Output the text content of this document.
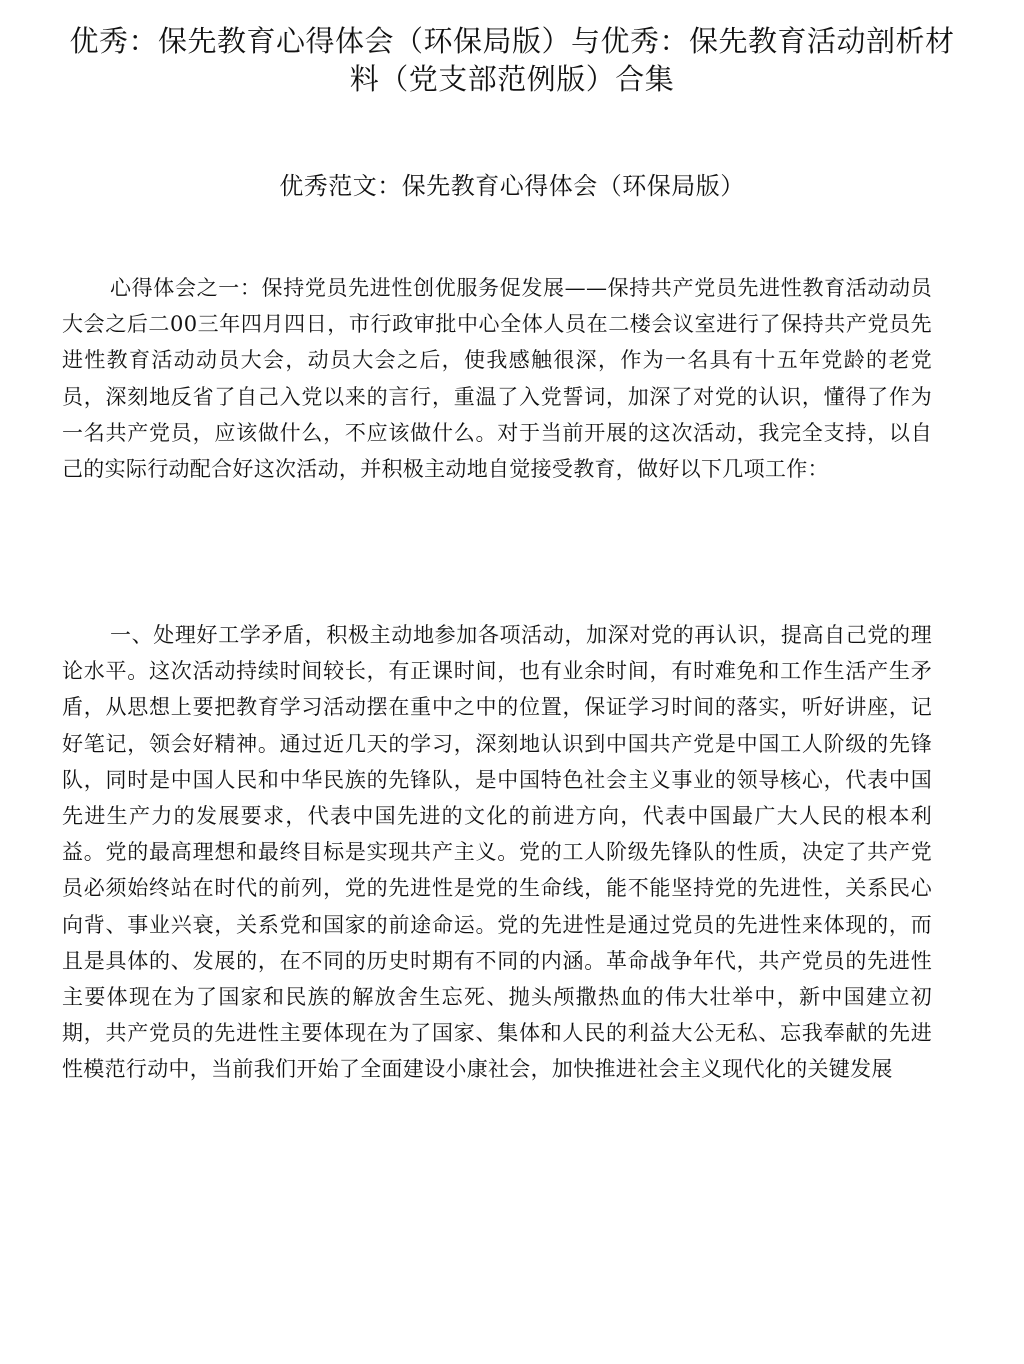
优秀：保先教育心得体会（环保局版）与优秀：保先教育活动剖析材料（党支部范例版）合集
优秀范文：保先教育心得体会（环保局版）

心得体会之一：保持党员先进性创优服务促发展——保持共产党员先进性教育活动动员大会之后二00三年四月四日，市行政审批中心全体人员在二楼会议室进行了保持共产党员先进性教育活动动员大会，动员大会之后，使我感触很深，作为一名具有十五年党龄的老党员，深刻地反省了自己入党以来的言行，重温了入党誓词，加深了对党的认识，懂得了作为一名共产党员，应该做什么，不应该做什么。对于当前开展的这次活动，我完全支持，以自己的实际行动配合好这次活动，并积极主动地自觉接受教育，做好以下几项工作：

一、处理好工学矛盾，积极主动地参加各项活动，加深对党的再认识，提高自己党的理论水平。这次活动持续时间较长，有正课时间，也有业余时间，有时难免和工作生活产生矛盾，从思想上要把教育学习活动摆在重中之中的位置，保证学习时间的落实，听好讲座，记好笔记，领会好精神。通过近几天的学习，深刻地认识到中国共产党是中国工人阶级的先锋队，同时是中国人民和中华民族的先锋队，是中国特色社会主义事业的领导核心，代表中国先进生产力的发展要求，代表中国先进的文化的前进方向，代表中国最广大人民的根本利益。党的最高理想和最终目标是实现共产主义。党的工人阶级先锋队的性质，决定了共产党员必须始终站在时代的前列，党的先进性是党的生命线，能不能坚持党的先进性，关系民心向背、事业兴衰，关系党和国家的前途命运。党的先进性是通过党员的先进性来体现的，而且是具体的、发展的，在不同的历史时期有不同的内涵。革命战争年代，共产党员的先进性主要体现在为了国家和民族的解放舍生忘死、抛头颅撒热血的伟大壮举中，新中国建立初期，共产党员的先进性主要体现在为了国家、集体和人民的利益大公无私、忘我奉献的先进性模范行动中，当前我们开始了全面建设小康社会，加快推进社会主义现代化的关键发展
